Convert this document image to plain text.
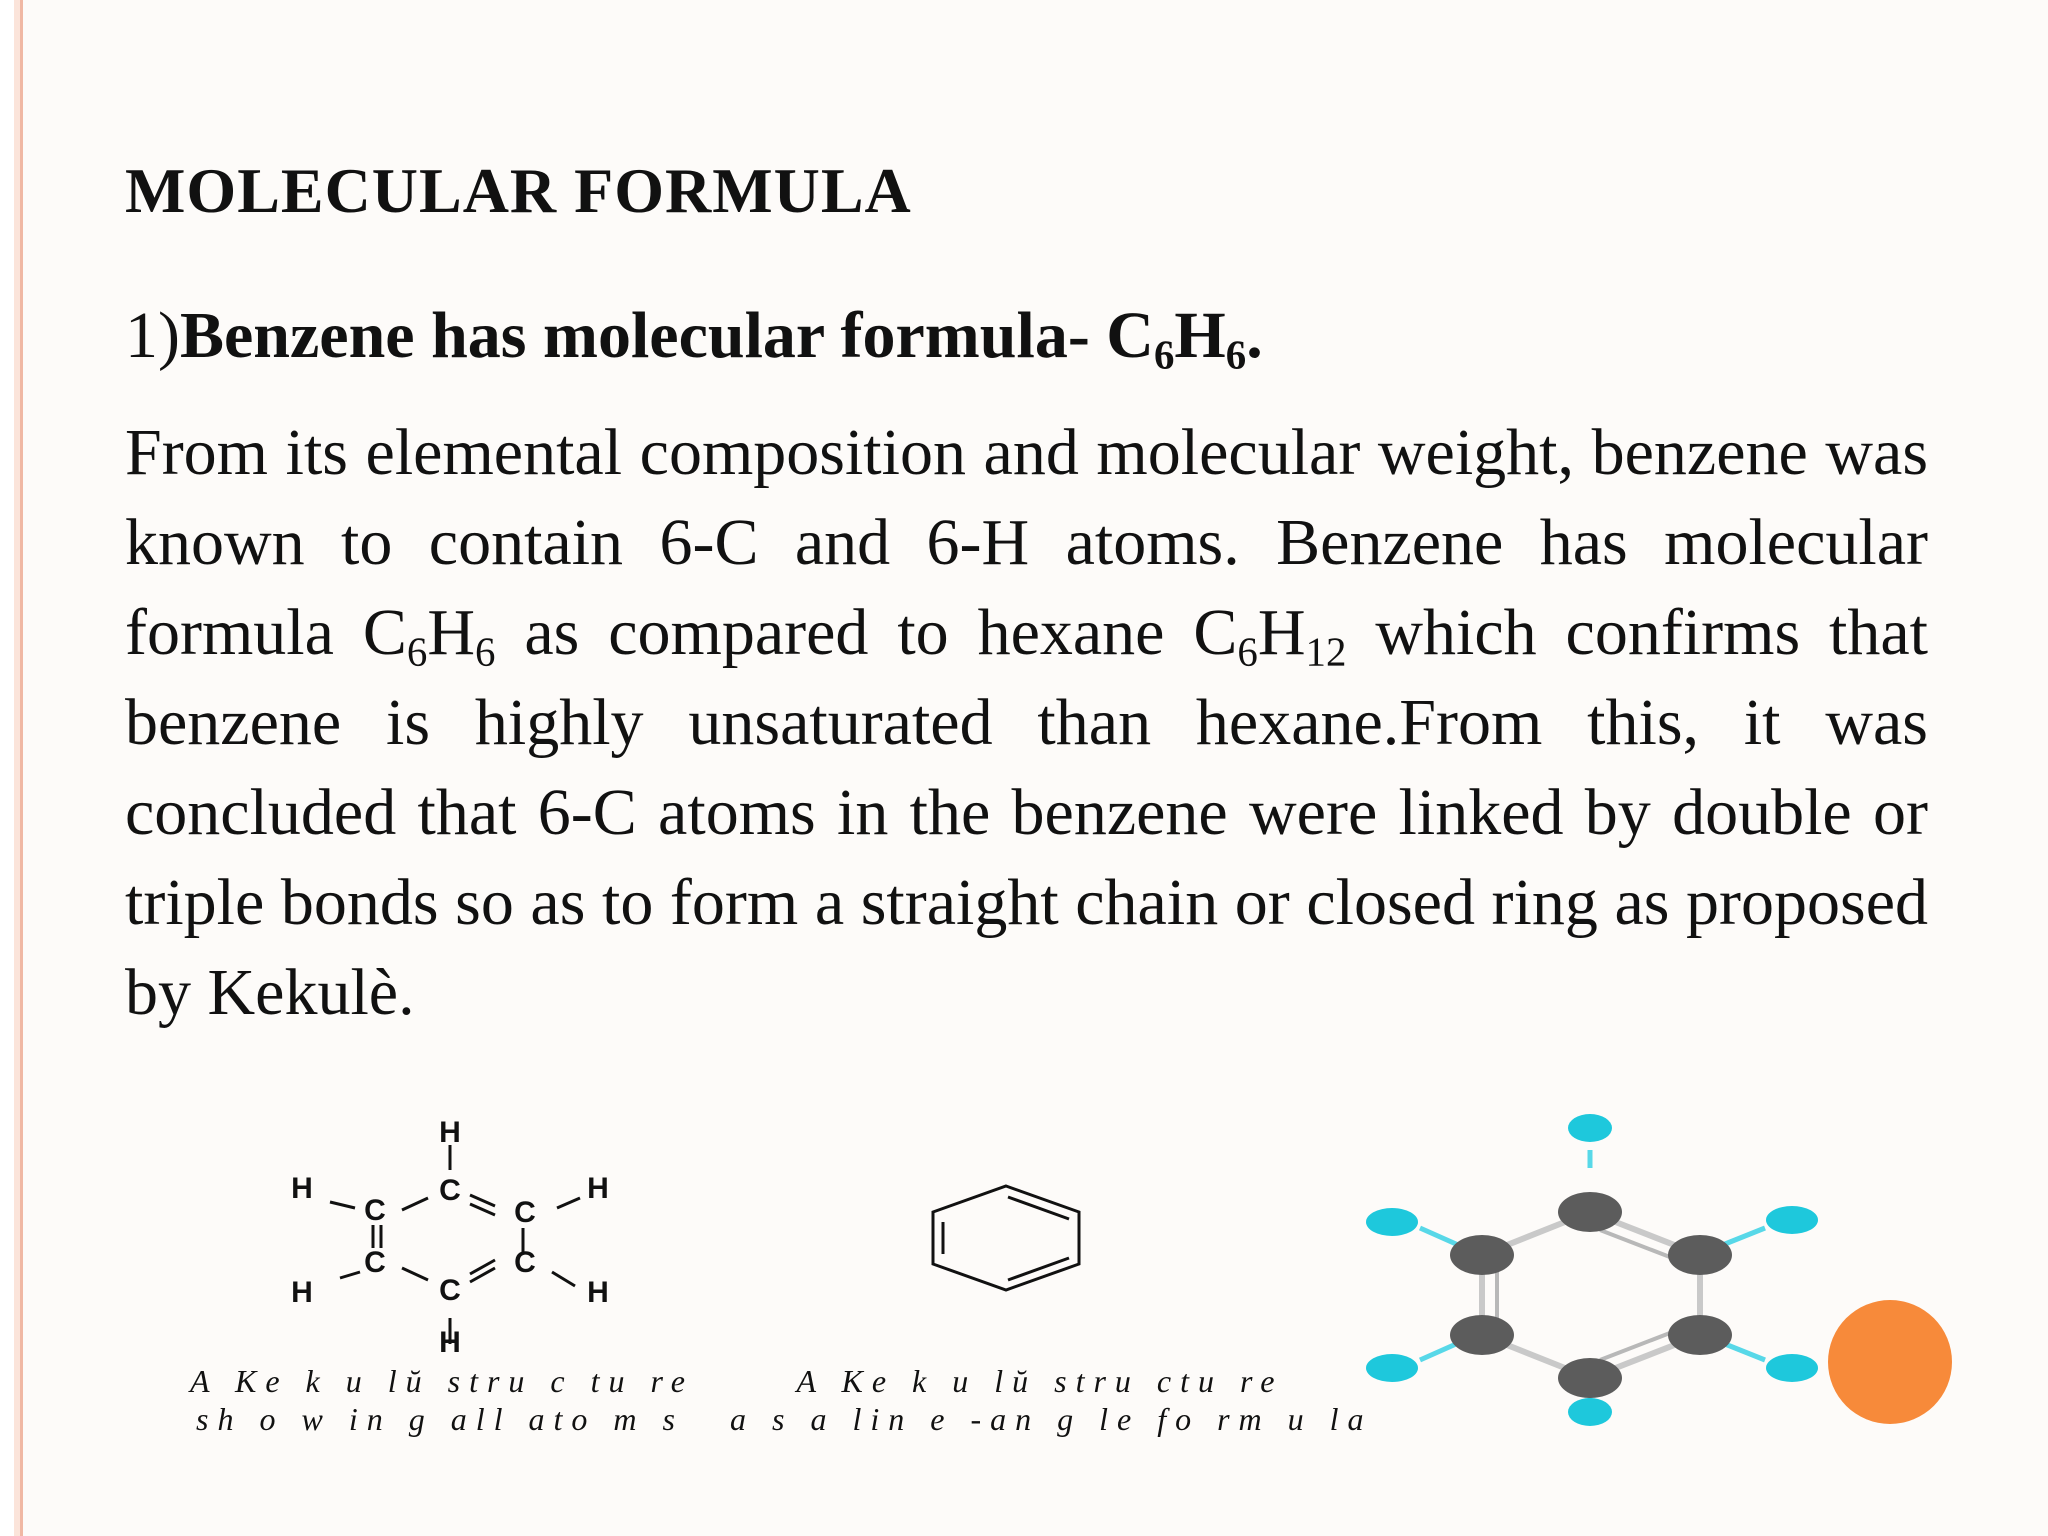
MOLECULAR FORMULA
1)Benzene has molecular formula- $C_6H_6$.

From its elemental composition and molecular weight, benzene was known to contain 6-C and 6-H atoms. Benzene has molecular formula $C_6H_6$ as compared to hexane $C_6H_{12}$ which confirms that benzene is highly unsaturated than hexane.From this, it was concluded that 6-C atoms in the benzene were linked by double or triple bonds so as to form a straight chain or closed ring as proposed by Kekulè.

H
C
C	C
C	C
C
H	H
H	H
H
A Ke k u lŭ stru c tu re
sh o w in g all ato m s
A Ke k u lŭ stru ctu re
a s a lin e -an g le fo rm u la
